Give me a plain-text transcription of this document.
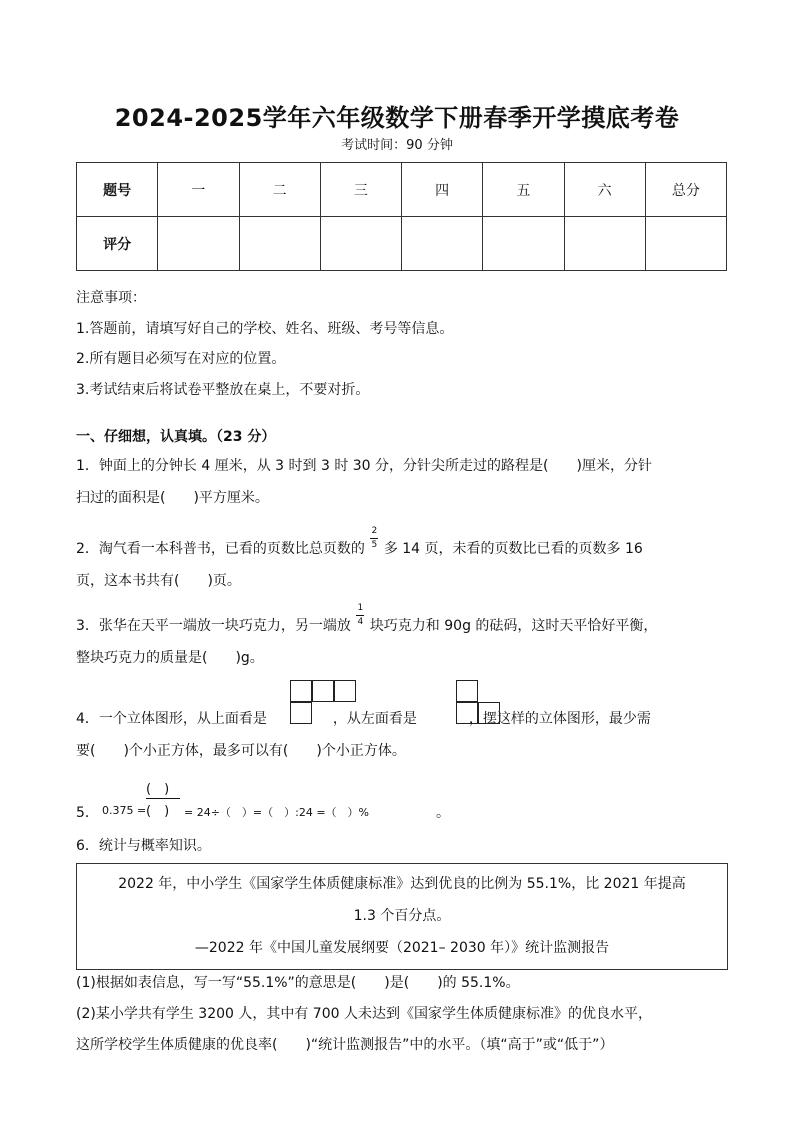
2024-2025学年六年级数学下册春季开学摸底考卷
考试时间：90 分钟
题号	一	二	三	四	五	六	总分
评分							
注意事项：
1.答题前，请填写好自己的学校、姓名、班级、考号等信息。
2.所有题目必须写在对应的位置。
3.考试结束后将试卷平整放在桌上，不要对折。
一、仔细想，认真填。（23 分）
1．钟面上的分钟长 4 厘米，从 3 时到 3 时 30 分，分针尖所走过的路程是(　　)厘米，分针
扫过的面积是(　　)平方厘米。
2．淘气看一本科普书，已看的页数比总页数的 $\frac{2}{5}$ 多 14 页，未看的页数比已看的页数多 16
页，这本书共有(　　)页。
3．张华在天平一端放一块巧克力，另一端放 $\frac{1}{4}$ 块巧克力和 90g 的砝码，这时天平恰好平衡，
整块巧克力的质量是(　　)g。
4．一个立体图形，从上面看是	，从左面看是	，摆这样的立体图形，最少需
要(　　)个小正方体，最多可以有(　　)个小正方体。
5． 0.375 =
(　)
(　) = 24÷（　）=（　）:24 =（　）%	。
6．统计与概率知识。

2022 年，中小学生《国家学生体质健康标准》达到优良的比例为 55.1%，比 2021 年提高

1.3 个百分点。

—2022 年《中国儿童发展纲要（2021– 2030 年）》统计监测报告

(1)根据如表信息，写一写“55.1%”的意思是(　　)是(　　)的 55.1%。
(2)某小学共有学生 3200 人，其中有 700 人未达到《国家学生体质健康标准》的优良水平，
这所学校学生体质健康的优良率(　　)“统计监测报告”中的水平。（填“高于”或“低于”）
